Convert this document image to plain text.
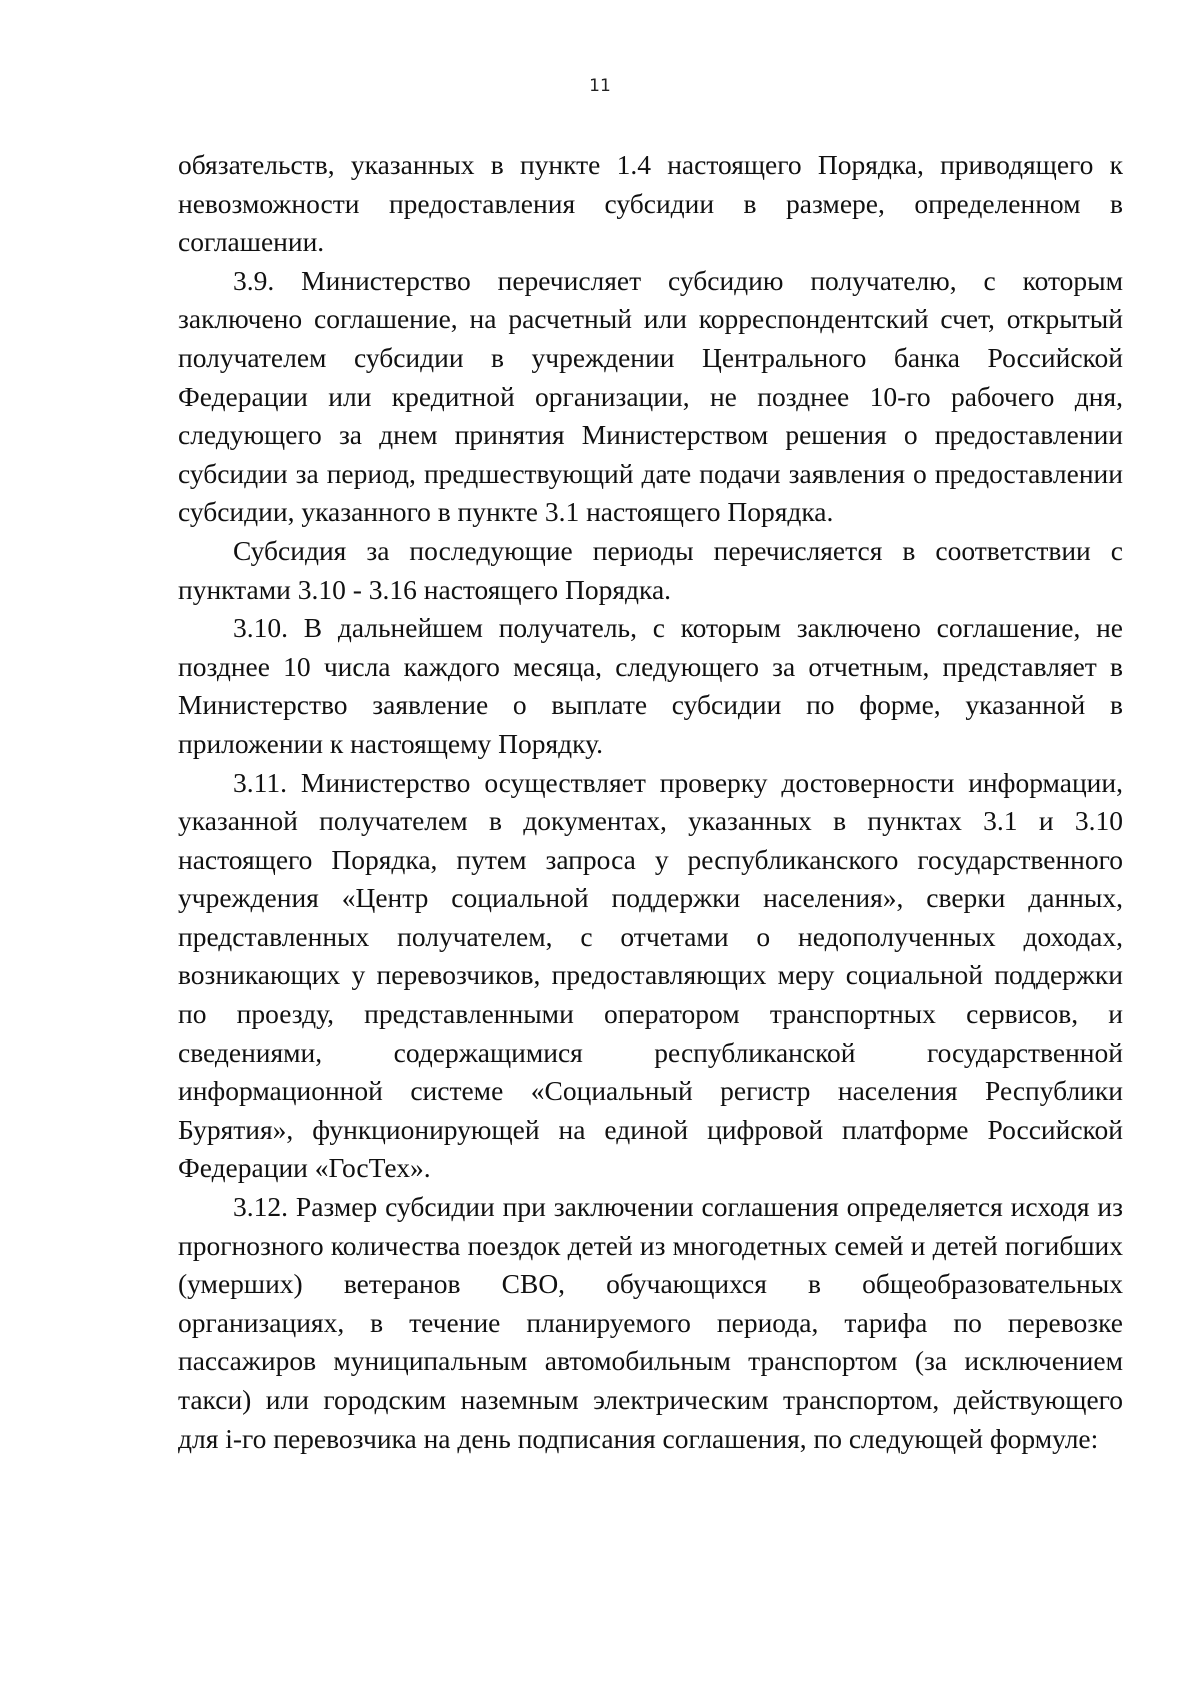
11

обязательств, указанных в пункте 1.4 настоящего Порядка, приводящего к невозможности предоставления субсидии в размере, определенном в соглашении.

3.9. Министерство перечисляет субсидию получателю, с которым заключено соглашение, на расчетный или корреспондентский счет, открытый получателем субсидии в учреждении Центрального банка Российской Федерации или кредитной организации, не позднее 10-го рабочего дня, следующего за днем принятия Министерством решения о предоставлении субсидии за период, предшествующий дате подачи заявления о предоставлении субсидии, указанного в пункте 3.1 настоящего Порядка.

Субсидия за последующие периоды перечисляется в соответствии с пунктами 3.10 - 3.16 настоящего Порядка.

3.10. В дальнейшем получатель, с которым заключено соглашение, не позднее 10 числа каждого месяца, следующего за отчетным, представляет в Министерство заявление о выплате субсидии по форме, указанной в приложении к настоящему Порядку.

3.11. Министерство осуществляет проверку достоверности информации, указанной получателем в документах, указанных в пунктах 3.1 и 3.10 настоящего Порядка, путем запроса у республиканского государственного учреждения «Центр социальной поддержки населения», сверки данных, представленных получателем, с отчетами о недополученных доходах, возникающих у перевозчиков, предоставляющих меру социальной поддержки по проезду, представленными оператором транспортных сервисов, и сведениями, содержащимися республиканской государственной информационной системе «Социальный регистр населения Республики Бурятия», функционирующей на единой цифровой платформе Российской Федерации «ГосТех».

3.12. Размер субсидии при заключении соглашения определяется исходя из прогнозного количества поездок детей из многодетных семей и детей погибших (умерших) ветеранов СВО, обучающихся в общеобразовательных организациях, в течение планируемого периода, тарифа по перевозке пассажиров муниципальным автомобильным транспортом (за исключением такси) или городским наземным электрическим транспортом, действующего для i-го перевозчика на день подписания соглашения, по следующей формуле:
